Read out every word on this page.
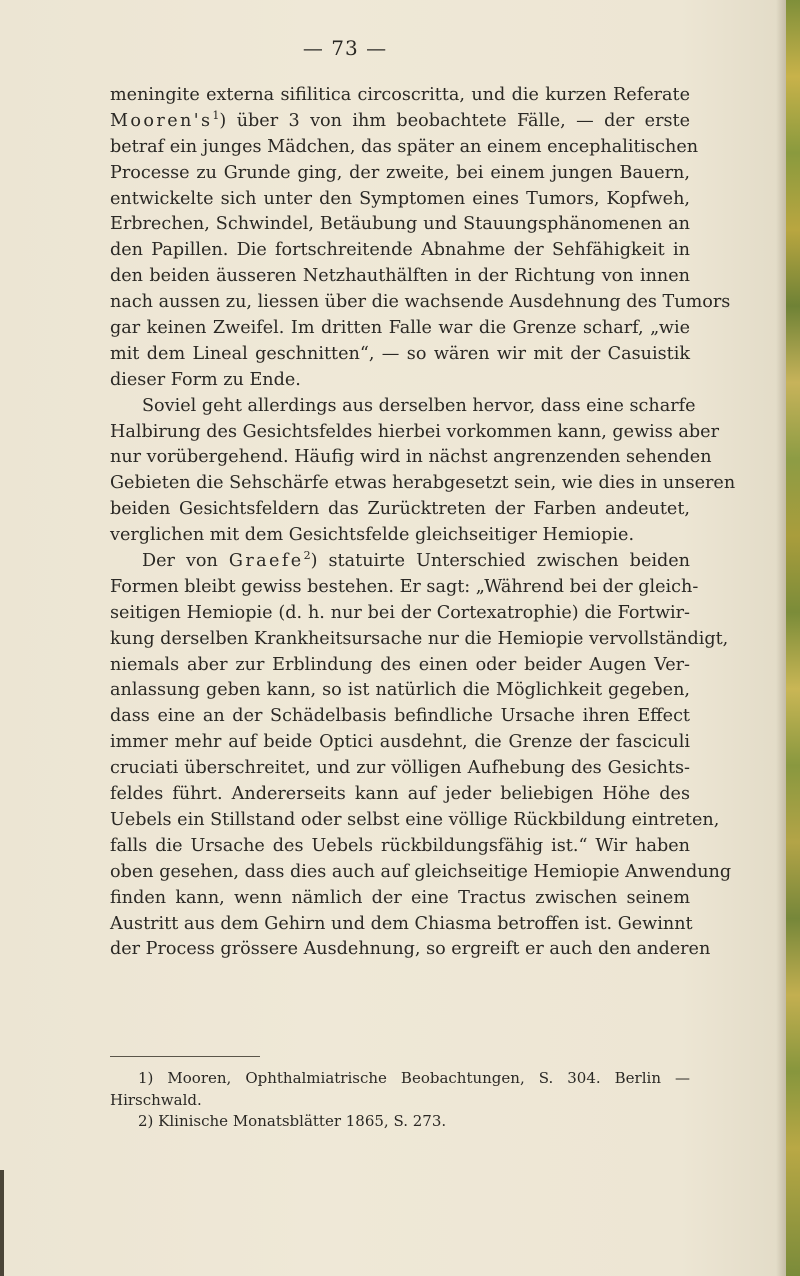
— 73 —
meningite externa sifilitica circoscritta, und die kurzen Referate
$Mooren's^1$) über 3 von ihm beobachtete Fälle, — der erste
betraf ein junges Mädchen, das später an einem encephalitischen
Processe zu Grunde ging, der zweite, bei einem jungen Bauern,
entwickelte sich unter den Symptomen eines Tumors, Kopfweh,
Erbrechen, Schwindel, Betäubung und Stauungsphänomenen an
den Papillen. Die fortschreitende Abnahme der Sehfähigkeit in
den beiden äusseren Netzhauthälften in der Richtung von innen
nach aussen zu, liessen über die wachsende Ausdehnung des Tumors
gar keinen Zweifel. Im dritten Falle war die Grenze scharf, „wie
mit dem Lineal geschnitten“, — so wären wir mit der Casuistik
dieser Form zu Ende.
Soviel geht allerdings aus derselben hervor, dass eine scharfe
Halbirung des Gesichtsfeldes hierbei vorkommen kann, gewiss aber
nur vorübergehend. Häufig wird in nächst angrenzenden sehenden
Gebieten die Sehschärfe etwas herabgesetzt sein, wie dies in unseren
beiden Gesichtsfeldern das Zurücktreten der Farben andeutet,
verglichen mit dem Gesichtsfelde gleichseitiger Hemiopie.
Der von Graefe$^2$) statuirte Unterschied zwischen beiden
Formen bleibt gewiss bestehen. Er sagt: „Während bei der gleich-
seitigen Hemiopie (d. h. nur bei der Cortexatrophie) die Fortwir-
kung derselben Krankheitsursache nur die Hemiopie vervollständigt,
niemals aber zur Erblindung des einen oder beider Augen Ver-
anlassung geben kann, so ist natürlich die Möglichkeit gegeben,
dass eine an der Schädelbasis befindliche Ursache ihren Effect
immer mehr auf beide Optici ausdehnt, die Grenze der fasciculi
cruciati überschreitet, und zur völligen Aufhebung des Gesichts-
feldes führt. Andererseits kann auf jeder beliebigen Höhe des
Uebels ein Stillstand oder selbst eine völlige Rückbildung eintreten,
falls die Ursache des Uebels rückbildungsfähig ist.“ Wir haben
oben gesehen, dass dies auch auf gleichseitige Hemiopie Anwendung
finden kann, wenn nämlich der eine Tractus zwischen seinem
Austritt aus dem Gehirn und dem Chiasma betroffen ist. Gewinnt
der Process grössere Ausdehnung, so ergreift er auch den anderen
1) Mooren, Ophthalmiatrische Beobachtungen, S. 304. Berlin —
Hirschwald.
2) Klinische Monatsblätter 1865, S. 273.
